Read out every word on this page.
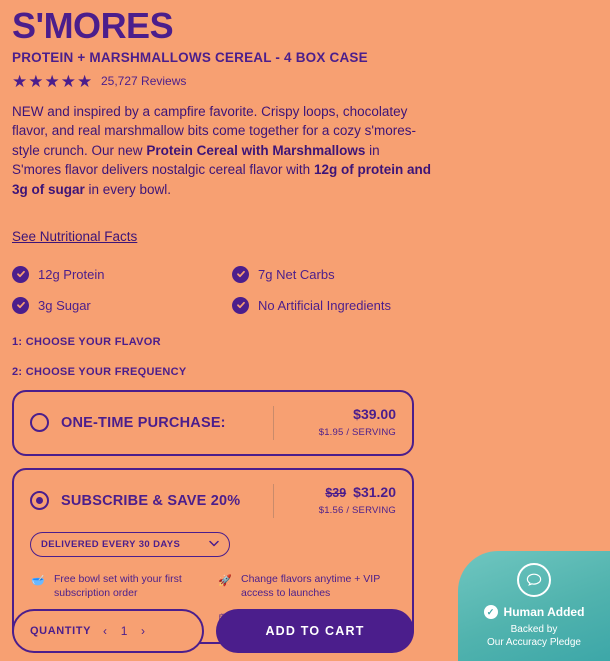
S'MORES
PROTEIN + MARSHMALLOWS CEREAL - 4 BOX CASE
★ ★ ★ ★ ★ 25,727 Reviews

NEW and inspired by a campfire favorite. Crispy loops, chocolatey flavor, and real marshmallow bits come together for a cozy s'mores-style crunch. Our new Protein Cereal with Marshmallows in S'mores flavor delivers nostalgic cereal flavor with 12g of protein and 3g of sugar in every bowl.

See Nutritional Facts
12g Protein	7g Net Carbs
3g Sugar	No Artificial Ingredients
1: CHOOSE YOUR FLAVOR
2: CHOOSE YOUR FREQUENCY
ONE-TIME PURCHASE:
$39.00
$1.95 / SERVING
SUBSCRIBE & SAVE 20%	$39 $31.20
$1.56 / SERVING
DELIVERED EVERY 30 DAYS
🥣 Free bowl set with your first subscription order
🚀 Change flavors anytime + VIP access to launches
QUANTITY ‹ 1 ›	ADD TO CART
✓ Human Added
Backed by
Our Accuracy Pledge
